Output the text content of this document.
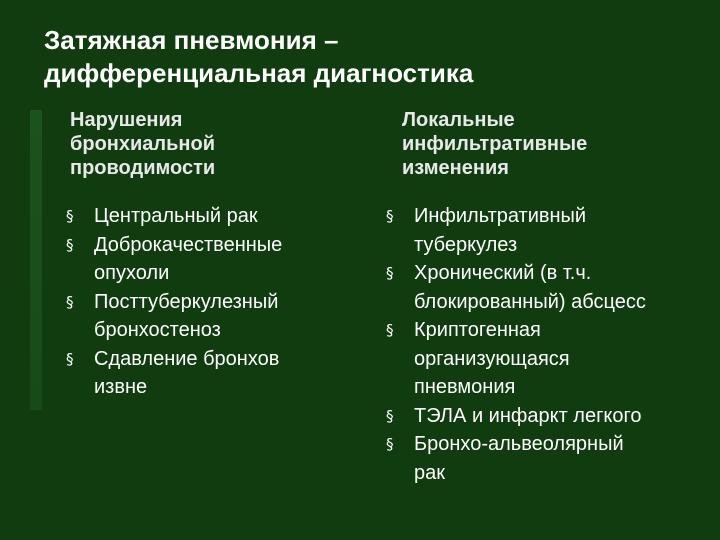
Затяжная пневмония –
дифференциальная диагностика
Нарушения
бронхиальной
проводимости
§	Центральный рак
§	Доброкачественные
опухоли
§	Посттуберкулезный
бронхостеноз
§	Сдавление бронхов
извне
Локальные
инфильтративные
изменения
§	Инфильтративный
туберкулез
§	Хронический (в т.ч.
блокированный) абсцесс
§	Криптогенная
организующаяся
пневмония
§	ТЭЛА и инфаркт легкого
§	Бронхо-альвеолярный
рак
